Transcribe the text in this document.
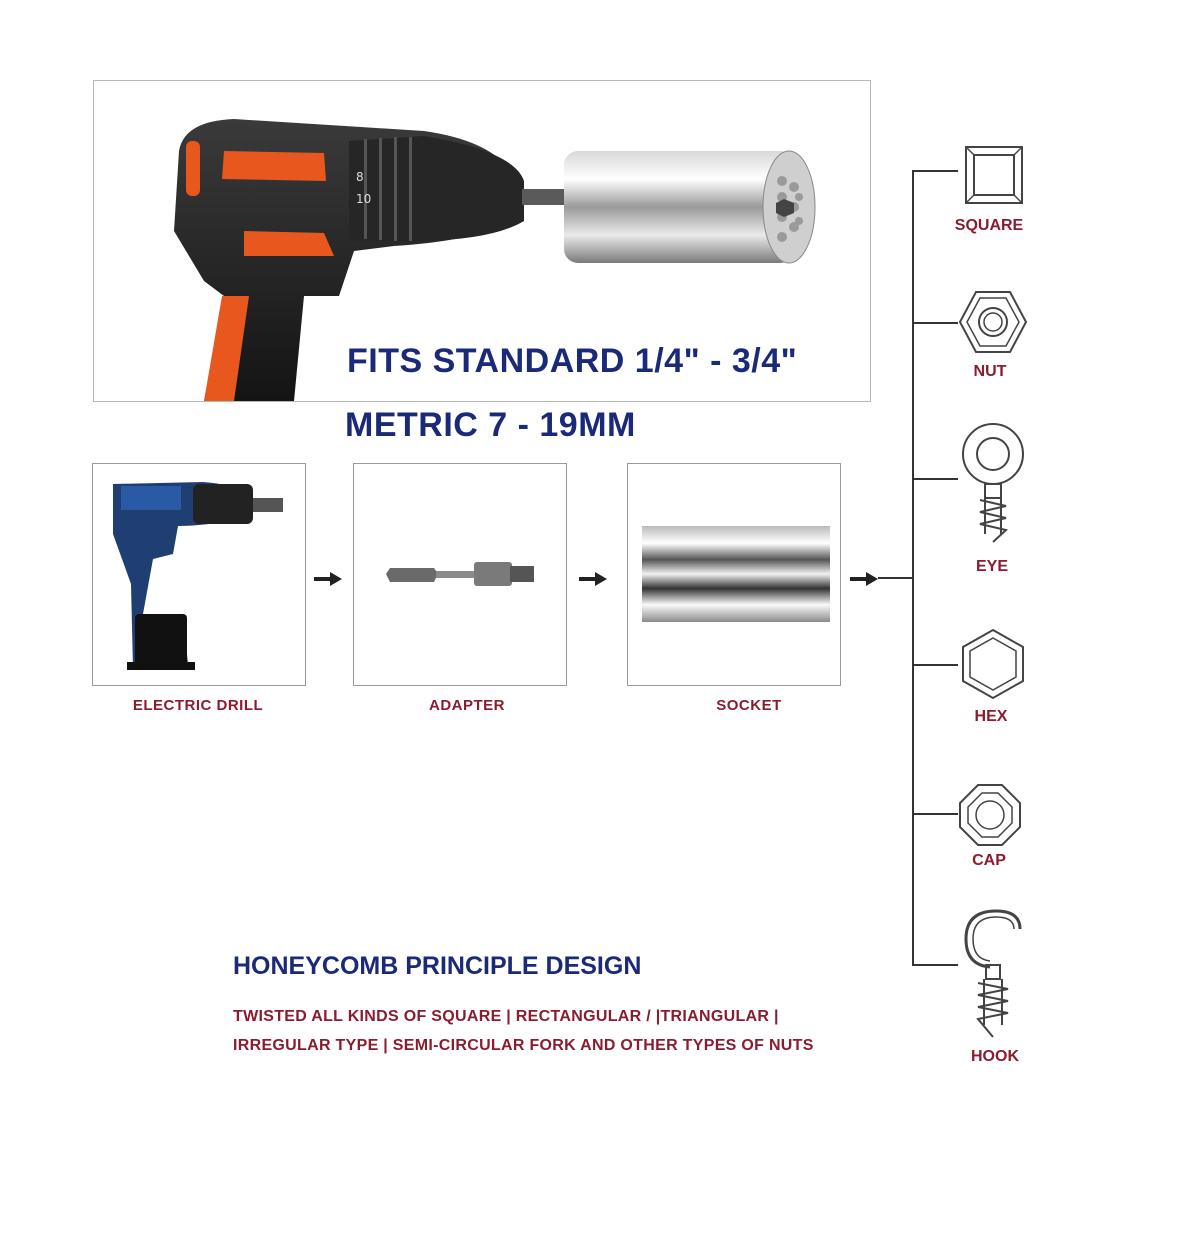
8
10
FITS STANDARD 1/4" - 3/4"
METRIC 7 - 19MM
ELECTRIC DRILL	ADAPTER	SOCKET
SQUARE
NUT
EYE
HEX
CAP
HOOK
HONEYCOMB PRINCIPLE DESIGN
TWISTED ALL KINDS OF SQUARE | RECTANGULAR / |TRIANGULAR |
IRREGULAR TYPE | SEMI-CIRCULAR FORK AND OTHER TYPES OF NUTS
